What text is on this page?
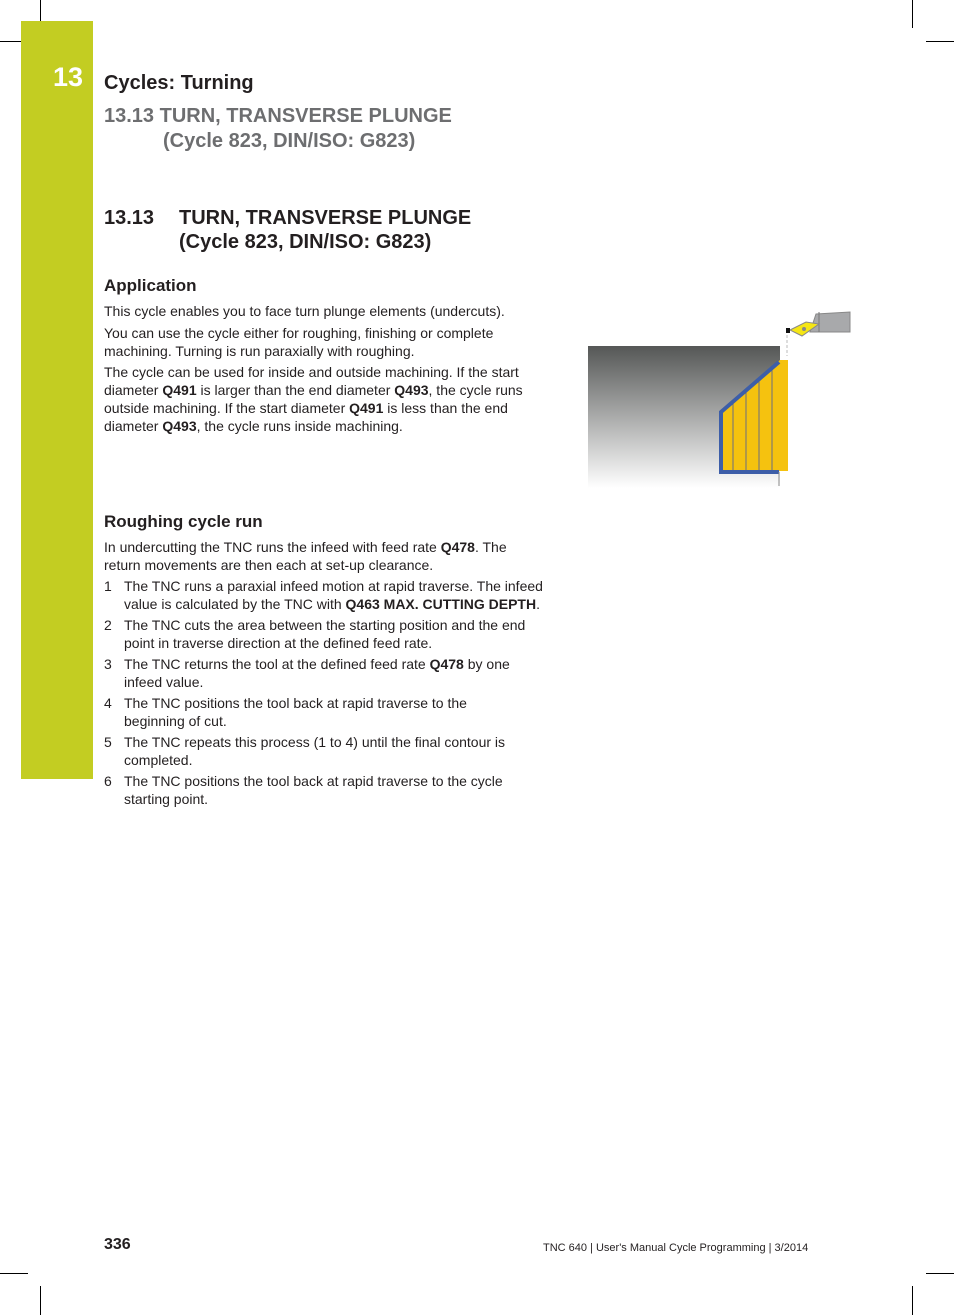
13 Cycles: Turning
13.13 TURN, TRANSVERSE PLUNGE
(Cycle 823, DIN/ISO: G823)
13.13 TURN, TRANSVERSE PLUNGE
(Cycle 823, DIN/ISO: G823)
Application

This cycle enables you to face turn plunge elements (undercuts).

You can use the cycle either for roughing, finishing or complete machining. Turning is run paraxially with roughing.

The cycle can be used for inside and outside machining. If the start diameter Q491 is larger than the end diameter Q493, the cycle runs outside machining. If the start diameter Q491 is less than the end diameter Q493, the cycle runs inside machining.

Roughing cycle run

In undercutting the TNC runs the infeed with feed rate Q478. The return movements are then each at set-up clearance.

1 The TNC runs a paraxial infeed motion at rapid traverse. The infeed value is calculated by the TNC with Q463 MAX. CUTTING DEPTH.
2 The TNC cuts the area between the starting position and the end point in traverse direction at the defined feed rate.
3 The TNC returns the tool at the defined feed rate Q478 by one infeed value.
4 The TNC positions the tool back at rapid traverse to the beginning of cut.
5 The TNC repeats this process (1 to 4) until the final contour is completed.
6 The TNC positions the tool back at rapid traverse to the cycle starting point.
336	TNC 640 | User's Manual Cycle Programming | 3/2014
